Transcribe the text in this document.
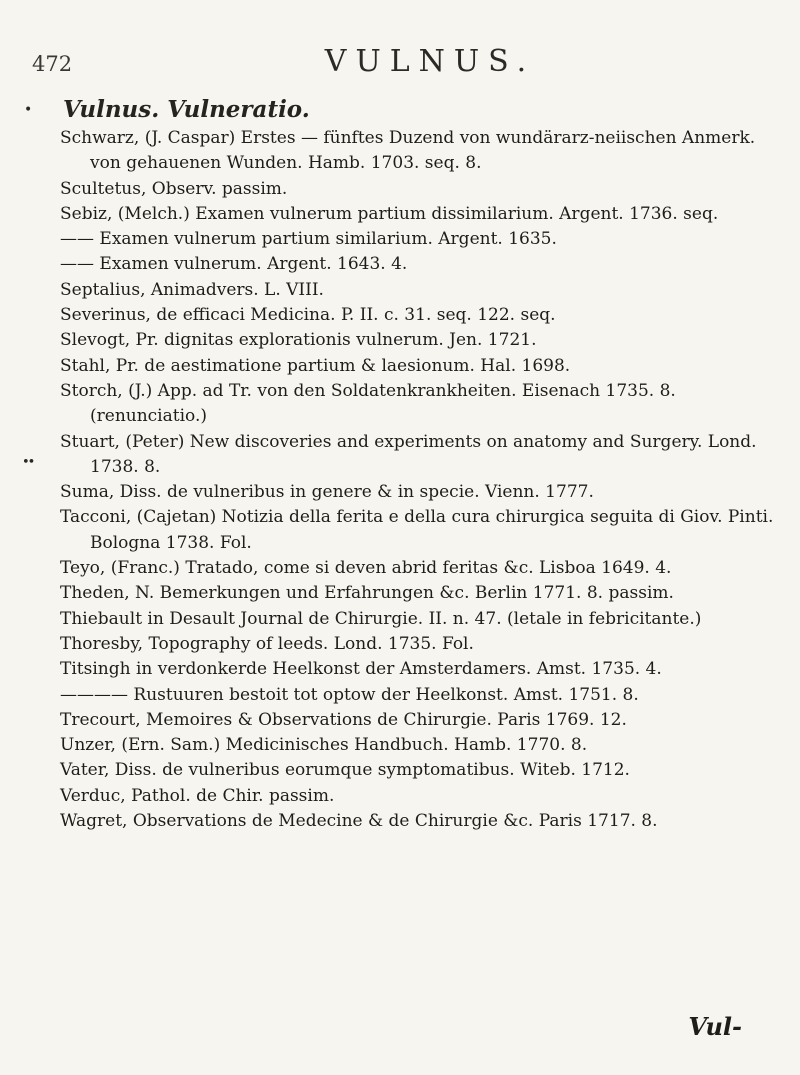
472	VULNUS.
•
••
Vulnus. Vulneratio.

Schwarz, (J. Caspar) Erstes — fünftes Duzend von wundärarz-neiischen Anmerk. von gehauenen Wunden. Hamb. 1703. seq. 8.

Scultetus, Observ. passim.

Sebiz, (Melch.) Examen vulnerum partium dissimilarium. Argent. 1736. seq.

—— Examen vulnerum partium similarium. Argent. 1635.

—— Examen vulnerum. Argent. 1643. 4.

Septalius, Animadvers. L. VIII.

Severinus, de efficaci Medicina. P. II. c. 31. seq. 122. seq.

Slevogt, Pr. dignitas explorationis vulnerum. Jen. 1721.

Stahl, Pr. de aestimatione partium & laesionum. Hal. 1698.

Storch, (J.) App. ad Tr. von den Soldatenkrankheiten. Eisenach 1735. 8. (renunciatio.)

Stuart, (Peter) New discoveries and experiments on anatomy and Surgery. Lond. 1738. 8.

Suma, Diss. de vulneribus in genere & in specie. Vienn. 1777.

Tacconi, (Cajetan) Notizia della ferita e della cura chirurgica seguita di Giov. Pinti. Bologna 1738. Fol.

Teyo, (Franc.) Tratado, come si deven abrid feritas &c. Lisboa 1649. 4.

Theden, N. Bemerkungen und Erfahrungen &c. Berlin 1771. 8. passim.

Thiebault in Desault Journal de Chirurgie. II. n. 47. (letale in febricitante.)

Thoresby, Topography of leeds. Lond. 1735. Fol.

Titsingh in verdonkerde Heelkonst der Amsterdamers. Amst. 1735. 4.

———— Rustuuren bestoit tot optow der Heelkonst. Amst. 1751. 8.

Trecourt, Memoires & Observations de Chirurgie. Paris 1769. 12.

Unzer, (Ern. Sam.) Medicinisches Handbuch. Hamb. 1770. 8.

Vater, Diss. de vulneribus eorumque symptomatibus. Witeb. 1712.

Verduc, Pathol. de Chir. passim.

Wagret, Observations de Medecine & de Chirurgie &c. Paris 1717. 8.

Vul-
